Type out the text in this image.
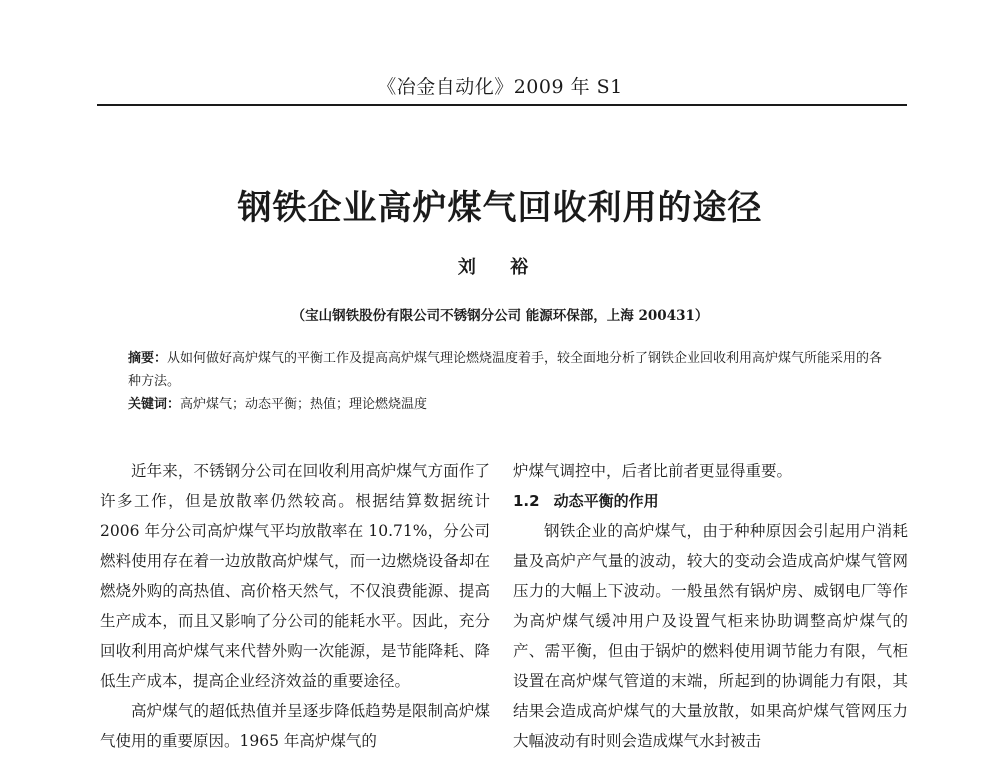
《冶金自动化》2009 年 S1
钢铁企业高炉煤气回收利用的途径
刘 裕
（宝山钢铁股份有限公司不锈钢分公司 能源环保部，上海 200431）

摘要：从如何做好高炉煤气的平衡工作及提高高炉煤气理论燃烧温度着手，较全面地分析了钢铁企业回收利用高炉煤气所能采用的各种方法。

关键词：高炉煤气；动态平衡；热值；理论燃烧温度

近年来，不锈钢分公司在回收利用高炉煤气方面作了许多工作，但是放散率仍然较高。根据结算数据统计 2006 年分公司高炉煤气平均放散率在 10.71%，分公司燃料使用存在着一边放散高炉煤气，而一边燃烧设备却在燃烧外购的高热值、高价格天然气，不仅浪费能源、提高生产成本，而且又影响了分公司的能耗水平。因此，充分回收利用高炉煤气来代替外购一次能源，是节能降耗、降低生产成本，提高企业经济效益的重要途径。

高炉煤气的超低热值并呈逐步降低趋势是限制高炉煤气使用的重要原因。1965 年高炉煤气的

炉煤气调控中，后者比前者更显得重要。

1.2 动态平衡的作用

钢铁企业的高炉煤气，由于种种原因会引起用户消耗量及高炉产气量的波动，较大的变动会造成高炉煤气管网压力的大幅上下波动。一般虽然有锅炉房、威钢电厂等作为高炉煤气缓冲用户及设置气柜来协助调整高炉煤气的产、需平衡，但由于锅炉的燃料使用调节能力有限，气柜设置在高炉煤气管道的末端，所起到的协调能力有限，其结果会造成高炉煤气的大量放散，如果高炉煤气管网压力大幅波动有时则会造成煤气水封被击
